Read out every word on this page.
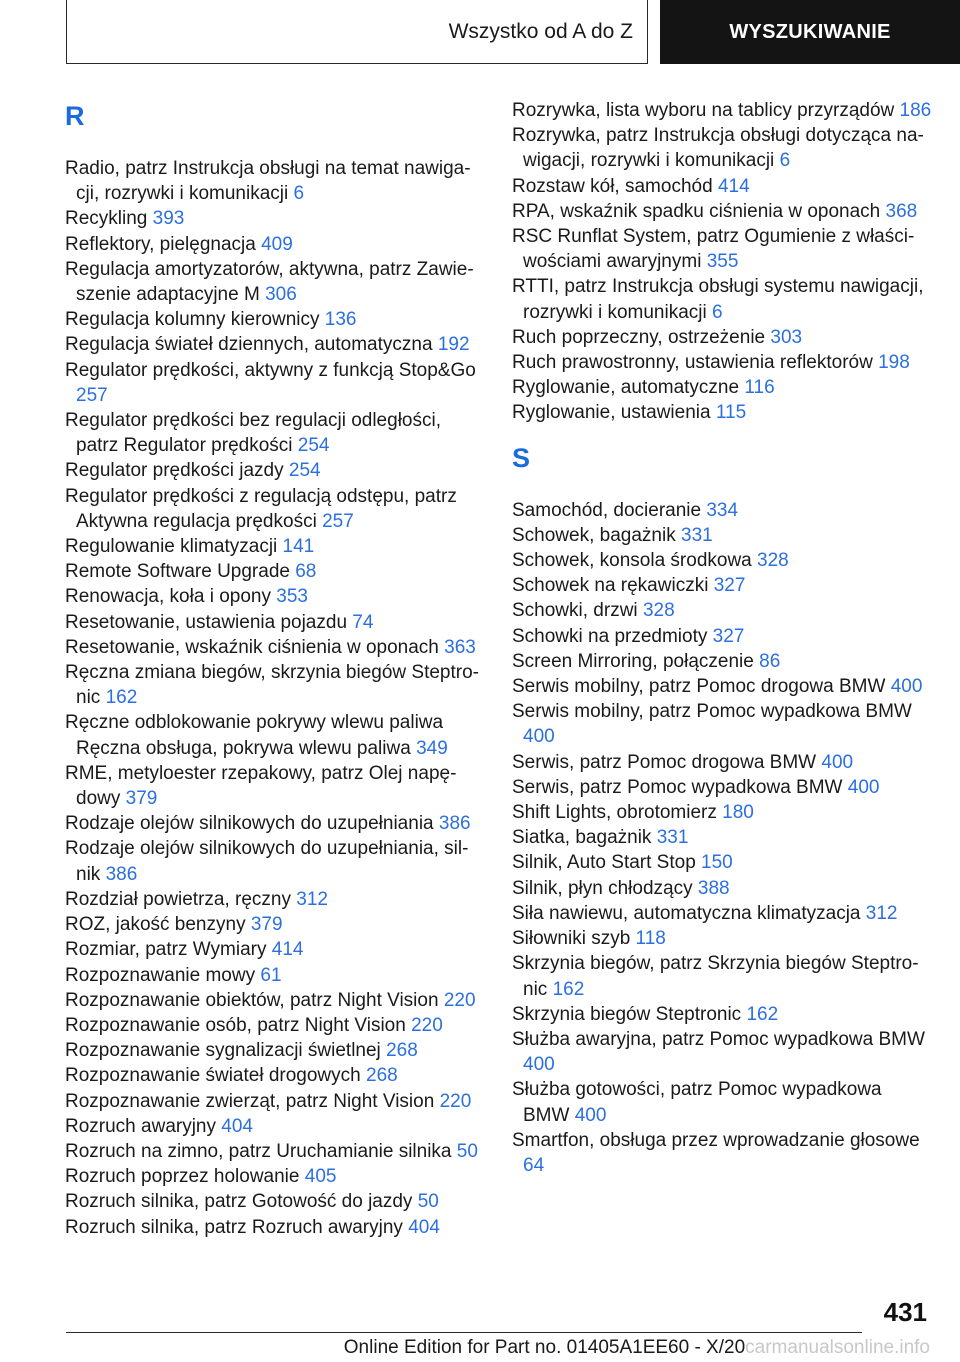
Wszystko od A do Z	WYSZUKIWANIE
R
Radio, patrz Instrukcja obsługi na temat nawigacji, rozrywki i komunikacji 6
Recykling 393
Reflektory, pielęgnacja 409
Regulacja amortyzatorów, aktywna, patrz Zawieszenie adaptacyjne M 306
Regulacja kolumny kierownicy 136
Regulacja świateł dziennych, automatyczna 192
Regulator prędkości, aktywny z funkcją Stop&Go 257
Regulator prędkości bez regulacji odległości, patrz Regulator prędkości 254
Regulator prędkości jazdy 254
Regulator prędkości z regulacją odstępu, patrz Aktywna regulacja prędkości 257
Regulowanie klimatyzacji 141
Remote Software Upgrade 68
Renowacja, koła i opony 353
Resetowanie, ustawienia pojazdu 74
Resetowanie, wskaźnik ciśnienia w oponach 363
Ręczna zmiana biegów, skrzynia biegów Steptronic 162
Ręczne odblokowanie pokrywy wlewu paliwa Ręczna obsługa, pokrywa wlewu paliwa 349
RME, metyloester rzepakowy, patrz Olej napędowy 379
Rodzaje olejów silnikowych do uzupełniania 386
Rodzaje olejów silnikowych do uzupełniania, silnik 386
Rozdział powietrza, ręczny 312
ROZ, jakość benzyny 379
Rozmiar, patrz Wymiary 414
Rozpoznawanie mowy 61
Rozpoznawanie obiektów, patrz Night Vision 220
Rozpoznawanie osób, patrz Night Vision 220
Rozpoznawanie sygnalizacji świetlnej 268
Rozpoznawanie świateł drogowych 268
Rozpoznawanie zwierząt, patrz Night Vision 220
Rozruch awaryjny 404
Rozruch na zimno, patrz Uruchamianie silnika 50
Rozruch poprzez holowanie 405
Rozruch silnika, patrz Gotowość do jazdy 50
Rozruch silnika, patrz Rozruch awaryjny 404
Rozrywka, lista wyboru na tablicy przyrządów 186
Rozrywka, patrz Instrukcja obsługi dotycząca nawigacji, rozrywki i komunikacji 6
Rozstaw kół, samochód 414
RPA, wskaźnik spadku ciśnienia w oponach 368
RSC Runflat System, patrz Ogumienie z właściwościami awaryjnymi 355
RTTI, patrz Instrukcja obsługi systemu nawigacji, rozrywki i komunikacji 6
Ruch poprzeczny, ostrzeżenie 303
Ruch prawostronny, ustawienia reflektorów 198
Ryglowanie, automatyczne 116
Ryglowanie, ustawienia 115
S
Samochód, docieranie 334
Schowek, bagażnik 331
Schowek, konsola środkowa 328
Schowek na rękawiczki 327
Schowki, drzwi 328
Schowki na przedmioty 327
Screen Mirroring, połączenie 86
Serwis mobilny, patrz Pomoc drogowa BMW 400
Serwis mobilny, patrz Pomoc wypadkowa BMW 400
Serwis, patrz Pomoc drogowa BMW 400
Serwis, patrz Pomoc wypadkowa BMW 400
Shift Lights, obrotomierz 180
Siatka, bagażnik 331
Silnik, Auto Start Stop 150
Silnik, płyn chłodzący 388
Siła nawiewu, automatyczna klimatyzacja 312
Siłowniki szyb 118
Skrzynia biegów, patrz Skrzynia biegów Steptronic 162
Skrzynia biegów Steptronic 162
Służba awaryjna, patrz Pomoc wypadkowa BMW 400
Służba gotowości, patrz Pomoc wypadkowa BMW 400
Smartfon, obsługa przez wprowadzanie głosowe 64
431
Online Edition for Part no. 01405A1EE60 - X/20carmanualsonline.info
